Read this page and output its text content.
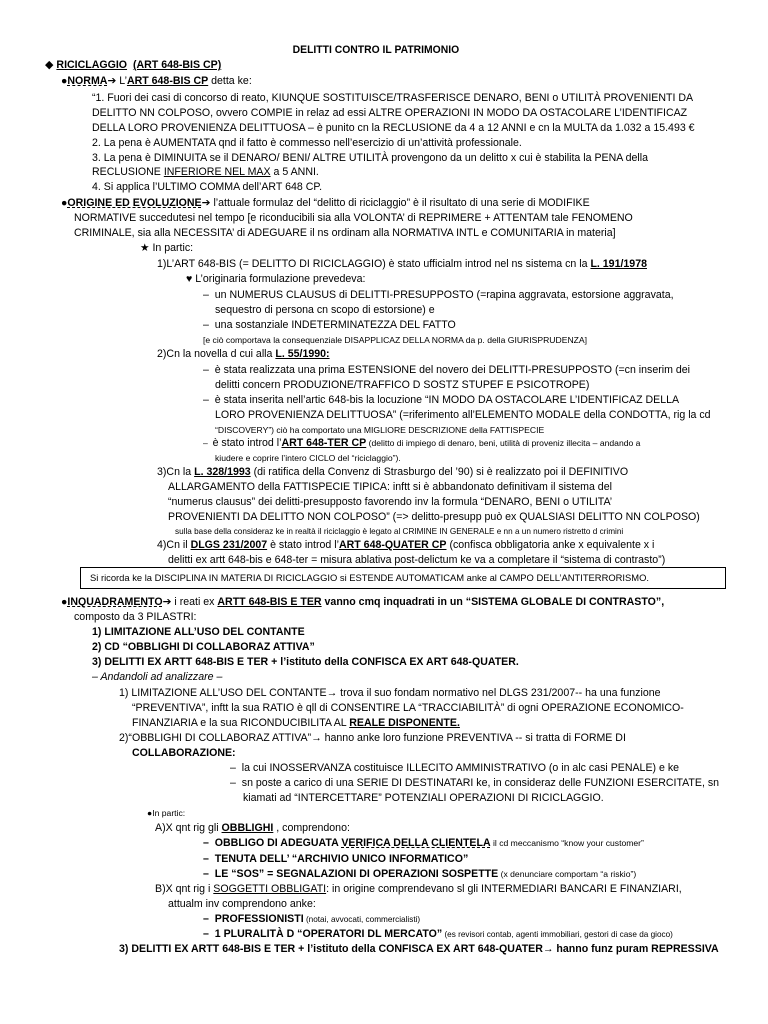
DELITTI CONTRO IL PATRIMONIO
◆ RICICLAGGIO (ART 648-BIS CP)
●NORMA➔ L’ART 648-BIS CP detta ke:
“1. Fuori dei casi di concorso di reato, KIUNQUE SOSTITUISCE/TRASFERISCE DENARO, BENI o UTILITÀ PROVENIENTI DA
DELITTO NN COLPOSO, ovvero COMPIE in relaz ad essi ALTRE OPERAZIONI IN MODO DA OSTACOLARE L’IDENTIFICAZ
DELLA LORO PROVENIENZA DELITTUOSA – è punito cn la RECLUSIONE da 4 a 12 ANNI e cn la MULTA da 1.032 a 15.493 €
2. La pena è AUMENTATA qnd il fatto è commesso nell’esercizio di un’attività professionale.
3. La pena è DIMINUITA se il DENARO/ BENI/ ALTRE UTILITÀ provengono da un delitto x cui è stabilita la PENA della
RECLUSIONE INFERIORE NEL MAX a 5 ANNI.
4. Si applica l’ULTIMO COMMA dell’ART 648 CP.
●ORIGINE ED EVOLUZIONE➔ l’attuale formulaz del “delitto di riciclaggio” è il risultato di una serie di MODIFIKE
NORMATIVE succedutesi nel tempo [e riconducibili sia alla VOLONTA’ di REPRIMERE + ATTENTAM tale FENOMENO
CRIMINALE, sia alla NECESSITA’ di ADEGUARE il ns ordinam alla NORMATIVA INTL e COMUNITARIA in materia]
★ In partic:
1)L’ART 648-BIS (= DELITTO DI RICICLAGGIO) è stato ufficialm introd nel ns sistema cn la L. 191/1978
♥ L’originaria formulazione prevedeva:
–  un NUMERUS CLAUSUS di DELITTI-PRESUPPOSTO (=rapina aggravata, estorsione aggravata,
sequestro di persona cn scopo di estorsione) e
–  una sostanziale INDETERMINATEZZA DEL FATTO
[e ciò comportava la consequenziale DISAPPLICAZ DELLA NORMA da p. della GIURISPRUDENZA]
2)Cn la novella d cui alla L. 55/1990:
–  è stata realizzata una prima ESTENSIONE del novero dei DELITTI-PRESUPPOSTO (=cn inserim dei
delitti concern PRODUZIONE/TRAFFICO D SOSTZ STUPEF E PSICOTROPE)
–  è stata inserita nell’artic 648-bis la locuzione “IN MODO DA OSTACOLARE L’IDENTIFICAZ DELLA
LORO PROVENIENZA DELITTUOSA” (=riferimento all’ELEMENTO MODALE della CONDOTTA, rig la cd
“DISCOVERY”) ciò ha comportato una MIGLIORE DESCRIZIONE della FATTISPECIE
–  è stato introd l’ART 648-TER CP (delitto di impiego di denaro, beni, utilità di proveniz illecita – andando a
kiudere e coprire l’intero CICLO del “riciclaggio”).
3)Cn la L. 328/1993 (di ratifica della Convenz di Strasburgo del ’90) si è realizzato poi il DEFINITIVO
ALLARGAMENTO della FATTISPECIE TIPICA: inftt si è abbandonato definitivam il sistema del
“numerus clausus” dei delitti-presupposto favorendo inv la formula “DENARO, BENI o UTILITA’
PROVENIENTI DA DELITTO NON COLPOSO” (=> delitto-presupp può ex QUALSIASI DELITTO NN COLPOSO)
sulla base della consideraz ke in realtà il riciclaggio è legato al CRIMINE IN GENERALE e nn a un numero ristretto d crimini
4)Cn il DLGS 231/2007 è stato introd l’ART 648-QUATER CP (confisca obbligatoria anke x equivalente x i
delitti ex artt 648-bis e 648-ter = misura ablativa post-delictum ke va a completare il “sistema di contrasto”)
Si ricorda ke la DISCIPLINA IN MATERIA DI RICICLAGGIO si ESTENDE AUTOMATICAM anke al CAMPO DELL’ANTITERRORISMO.
●INQUADRAMENTO➔ i reati ex ARTT 648-BIS E TER vanno cmq inquadrati in un “SISTEMA GLOBALE DI CONTRASTO”,
composto da 3 PILASTRI:
1) LIMITAZIONE ALL’USO DEL CONTANTE
2) CD “OBBLIGHI DI COLLABORAZ ATTIVA”
3) DELITTI EX ARTT 648-BIS E TER + l’istituto della CONFISCA EX ART 648-QUATER.
– Andandoli ad analizzare –
1) LIMITAZIONE ALL’USO DEL CONTANTE→ trova il suo fondam normativo nel DLGS 231/2007-- ha una funzione
“PREVENTIVA”, inftt la sua RATIO è qll di CONSENTIRE LA “TRACCIABILITÀ” di ogni OPERAZIONE ECONOMICO-
FINANZIARIA e la sua RICONDUCIBILITA AL REALE DISPONENTE.
2)“OBBLIGHI DI COLLABORAZ ATTIVA”→ hanno anke loro funzione PREVENTIVA -- si tratta di FORME DI
COLLABORAZIONE:
–  la cui INOSSERVANZA costituisce ILLECITO AMMINISTRATIVO (o in alc casi PENALE) e ke
–  sn poste a carico di una SERIE DI DESTINATARI ke, in consideraz delle FUNZIONI ESERCITATE, sn
kiamati ad “INTERCETTARE” POTENZIALI OPERAZIONI DI RICICLAGGIO.
●In partic:
A)X qnt rig gli OBBLIGHI , comprendono:
–  OBBLIGO DI ADEGUATA VERIFICA DELLA CLIENTELA il cd meccanismo “know your customer”
–  TENUTA DELL’ “ARCHIVIO UNICO INFORMATICO”
–  LE “SOS” = SEGNALAZIONI DI OPERAZIONI SOSPETTE (x denunciare comportam “a riskio”)
B)X qnt rig i SOGGETTI OBBLIGATI: in origine comprendevano sl gli INTERMEDIARI BANCARI E FINANZIARI,
attualm inv comprendono anke:
–  PROFESSIONISTI (notai, avvocati, commercialisti)
–  1 PLURALITÀ D “OPERATORI DL MERCATO” (es revisori contab, agenti immobiliari, gestori di case da gioco)
3) DELITTI EX ARTT 648-BIS E TER + l’istituto della CONFISCA EX ART 648-QUATER→ hanno funz puram REPRESSIVA
